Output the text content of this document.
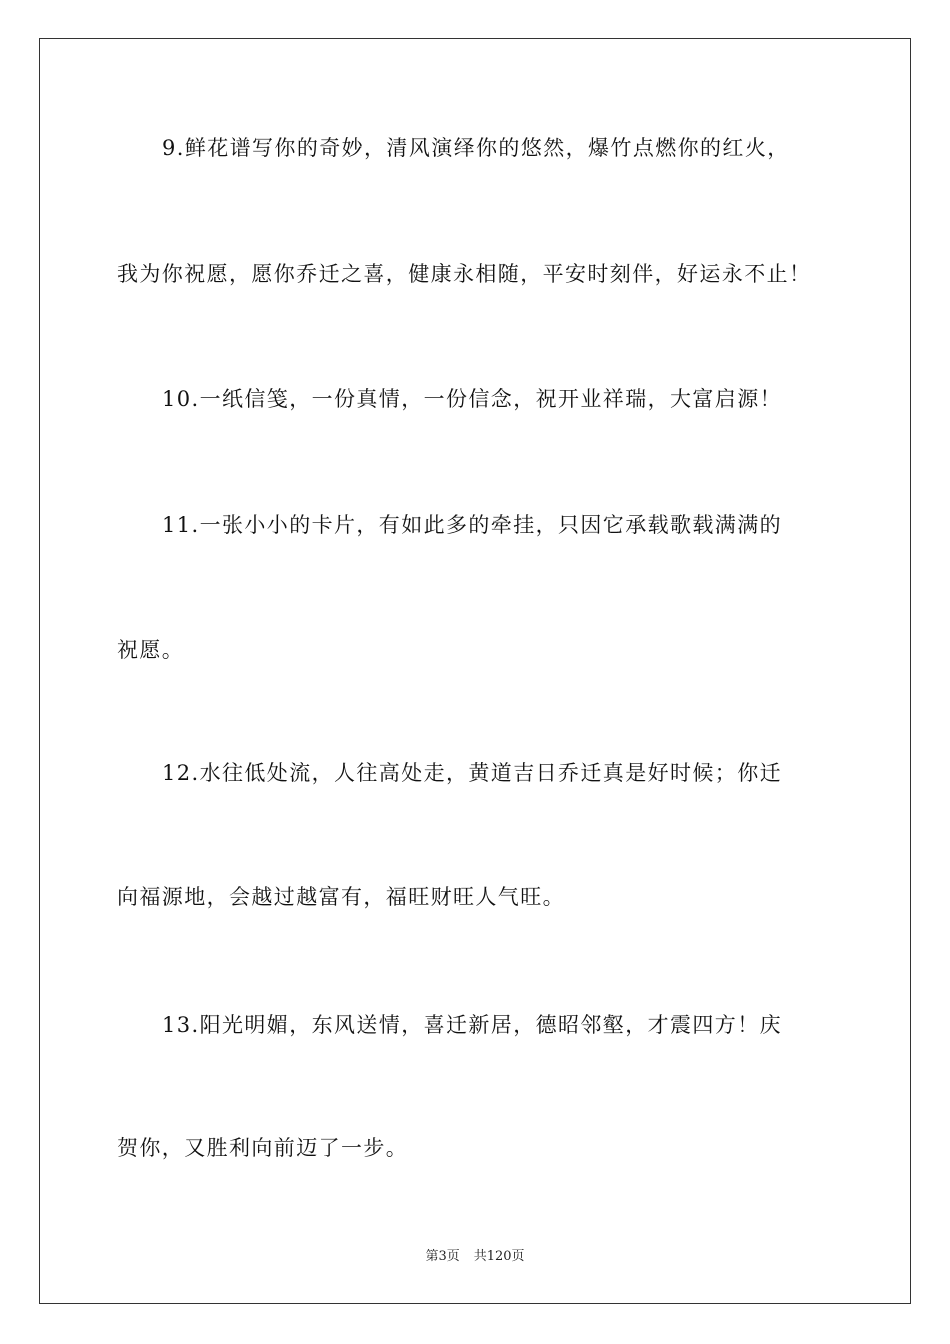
9.鲜花谱写你的奇妙，清风演绎你的悠然，爆竹点燃你的红火，
我为你祝愿，愿你乔迁之喜，健康永相随，平安时刻伴，好运永不止！
10.一纸信笺，一份真情，一份信念，祝开业祥瑞，大富启源！
11.一张小小的卡片，有如此多的牵挂，只因它承载歌载满满的
祝愿。
12.水往低处流，人往高处走，黄道吉日乔迁真是好时候；你迁
向福源地，会越过越富有，福旺财旺人气旺。
13.阳光明媚，东风送情，喜迁新居，德昭邻壑，才震四方！庆
贺你，又胜利向前迈了一步。
第3页 共120页
